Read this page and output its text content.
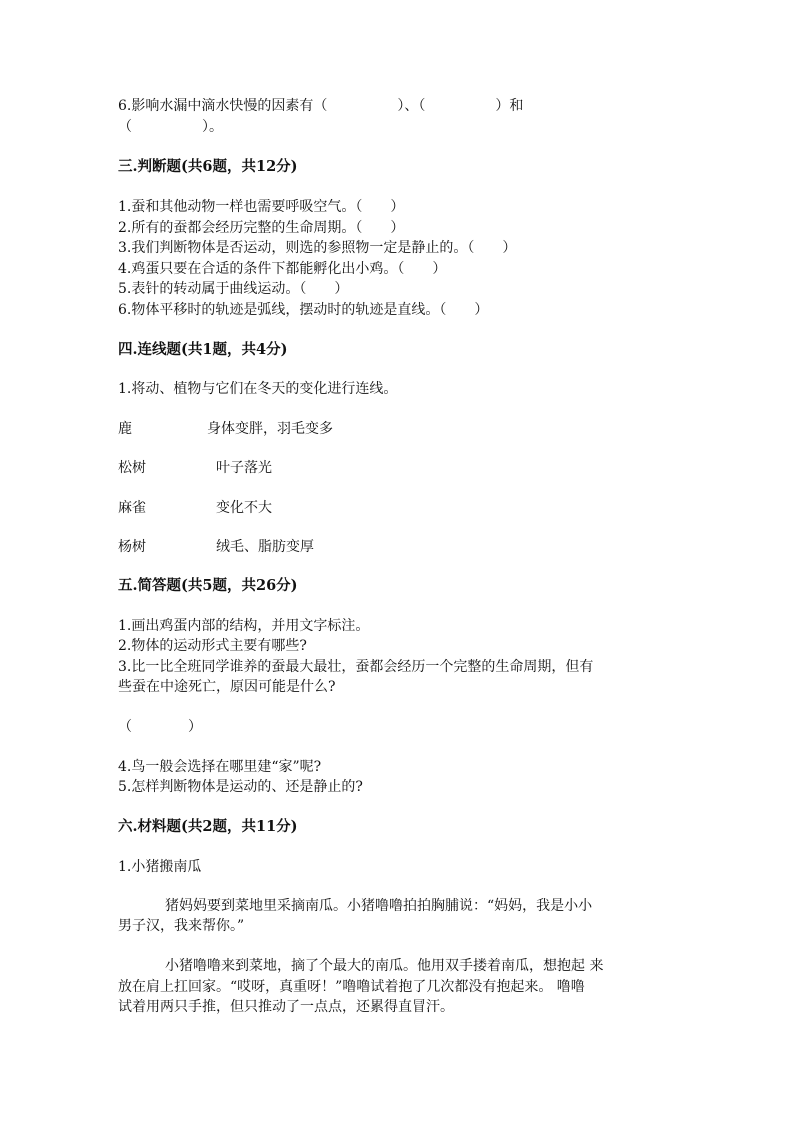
6.影响水漏中滴水快慢的因素有（　　　　　）、（　　　　　）和
（　　　　　）。
三.判断题(共6题，共12分)
1.蚕和其他动物一样也需要呼吸空气。（　　）
2.所有的蚕都会经历完整的生命周期。（　　）
3.我们判断物体是否运动，则选的参照物一定是静止的。（　　）
4.鸡蛋只要在合适的条件下都能孵化出小鸡。（　　）
5.表针的转动属于曲线运动。（　　）
6.物体平移时的轨迹是弧线，摆动时的轨迹是直线。（　　）
四.连线题(共1题，共4分)
1.将动、植物与它们在冬天的变化进行连线。
鹿	身体变胖，羽毛变多
松树	叶子落光
麻雀	变化不大
杨树	绒毛、脂肪变厚
五.简答题(共5题，共26分)
1.画出鸡蛋内部的结构，并用文字标注。
2.物体的运动形式主要有哪些?
3.比一比全班同学谁养的蚕最大最壮，蚕都会经历一个完整的生命周期，但有
些蚕在中途死亡，原因可能是什么?
（　　　　）
4.鸟一般会选择在哪里建“家”呢?
5.怎样判断物体是运动的、还是静止的?
六.材料题(共2题，共11分)
1.小猪搬南瓜
猪妈妈要到菜地里采摘南瓜。小猪噜噜拍拍胸脯说：“妈妈，我是小小
男子汉，我来帮你。”
小猪噜噜来到菜地，摘了个最大的南瓜。他用双手搂着南瓜，想抱起 来
放在肩上扛回家。“哎呀，真重呀！”噜噜试着抱了几次都没有抱起来。 噜噜
试着用两只手推，但只推动了一点点，还累得直冒汗。
